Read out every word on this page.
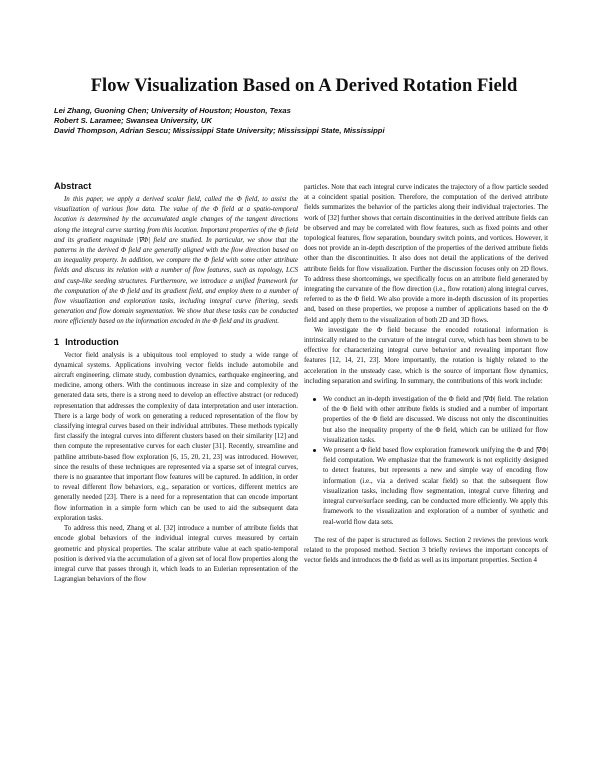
Flow Visualization Based on A Derived Rotation Field
Lei Zhang, Guoning Chen; University of Houston; Houston, Texas
Robert S. Laramee; Swansea University, UK
David Thompson, Adrian Sescu; Mississippi State University; Mississippi State, Mississippi
Abstract

In this paper, we apply a derived scalar field, called the Φ field, to assist the visualization of various flow data. The value of the Φ field at a spatio-temporal location is determined by the accumulated angle changes of the tangent directions along the integral curve starting from this location. Important properties of the Φ field and its gradient magnitude |∇Φ| field are studied. In particular, we show that the patterns in the derived Φ field are generally aligned with the flow direction based on an inequality property. In addition, we compare the Φ field with some other attribute fields and discuss its relation with a number of flow features, such as topology, LCS and cusp-like seeding structures. Furthermore, we introduce a unified framework for the computation of the Φ field and its gradient field, and employ them to a number of flow visualization and exploration tasks, including integral curve filtering, seeds generation and flow domain segmentation. We show that these tasks can be conducted more efficiently based on the information encoded in the Φ field and its gradient.

1 Introduction

Vector field analysis is a ubiquitous tool employed to study a wide range of dynamical systems. Applications involving vector fields include automobile and aircraft engineering, climate study, combustion dynamics, earthquake engineering, and medicine, among others. With the continuous increase in size and complexity of the generated data sets, there is a strong need to develop an effective abstract (or reduced) representation that addresses the complexity of data interpretation and user interaction. There is a large body of work on generating a reduced representation of the flow by classifying integral curves based on their individual attributes. These methods typically first classify the integral curves into different clusters based on their similarity [12] and then compute the representative curves for each cluster [31]. Recently, streamline and pathline attribute-based flow exploration [6, 15, 20, 21, 23] was introduced. However, since the results of these techniques are represented via a sparse set of integral curves, there is no guarantee that important flow features will be captured. In addition, in order to reveal different flow behaviors, e.g., separation or vortices, different metrics are generally needed [23]. There is a need for a representation that can encode important flow information in a simple form which can be used to aid the subsequent data exploration tasks.

To address this need, Zhang et al. [32] introduce a number of attribute fields that encode global behaviors of the individual integral curves measured by certain geometric and physical properties. The scalar attribute value at each spatio-temporal position is derived via the accumulation of a given set of local flow properties along the integral curve that passes through it, which leads to an Eulerian representation of the Lagrangian behaviors of the flow

particles. Note that each integral curve indicates the trajectory of a flow particle seeded at a coincident spatial position. Therefore, the computation of the derived attribute fields summarizes the behavior of the particles along their individual trajectories. The work of [32] further shows that certain discontinuities in the derived attribute fields can be observed and may be correlated with flow features, such as fixed points and other topological features, flow separation, boundary switch points, and vortices. However, it does not provide an in-depth description of the properties of the derived attribute fields other than the discontinuities. It also does not detail the applications of the derived attribute fields for flow visualization. Further the discussion focuses only on 2D flows. To address these shortcomings, we specifically focus on an attribute field generated by integrating the curvature of the flow direction (i.e., flow rotation) along integral curves, referred to as the Φ field. We also provide a more in-depth discussion of its properties and, based on these properties, we propose a number of applications based on the Φ field and apply them to the visualization of both 2D and 3D flows.

We investigate the Φ field because the encoded rotational information is intrinsically related to the curvature of the integral curve, which has been shown to be effective for characterizing integral curve behavior and revealing important flow features [12, 14, 21, 23]. More importantly, the rotation is highly related to the acceleration in the unsteady case, which is the source of important flow dynamics, including separation and swirling. In summary, the contributions of this work include:

We conduct an in-depth investigation of the Φ field and |∇Φ| field. The relation of the Φ field with other attribute fields is studied and a number of important properties of the Φ field are discussed. We discuss not only the discontinuities but also the inequality property of the Φ field, which can be utilized for flow visualization tasks.

We present a Φ field based flow exploration framework unifying the Φ and |∇Φ| field computation. We emphasize that the framework is not explicitly designed to detect features, but represents a new and simple way of encoding flow information (i.e., via a derived scalar field) so that the subsequent flow visualization tasks, including flow segmentation, integral curve filtering and integral curve/surface seeding, can be conducted more efficiently. We apply this framework to the visualization and exploration of a number of synthetic and real-world flow data sets.

The rest of the paper is structured as follows. Section 2 reviews the previous work related to the proposed method. Section 3 briefly reviews the important concepts of vector fields and introduces the Φ field as well as its important properties. Section 4
